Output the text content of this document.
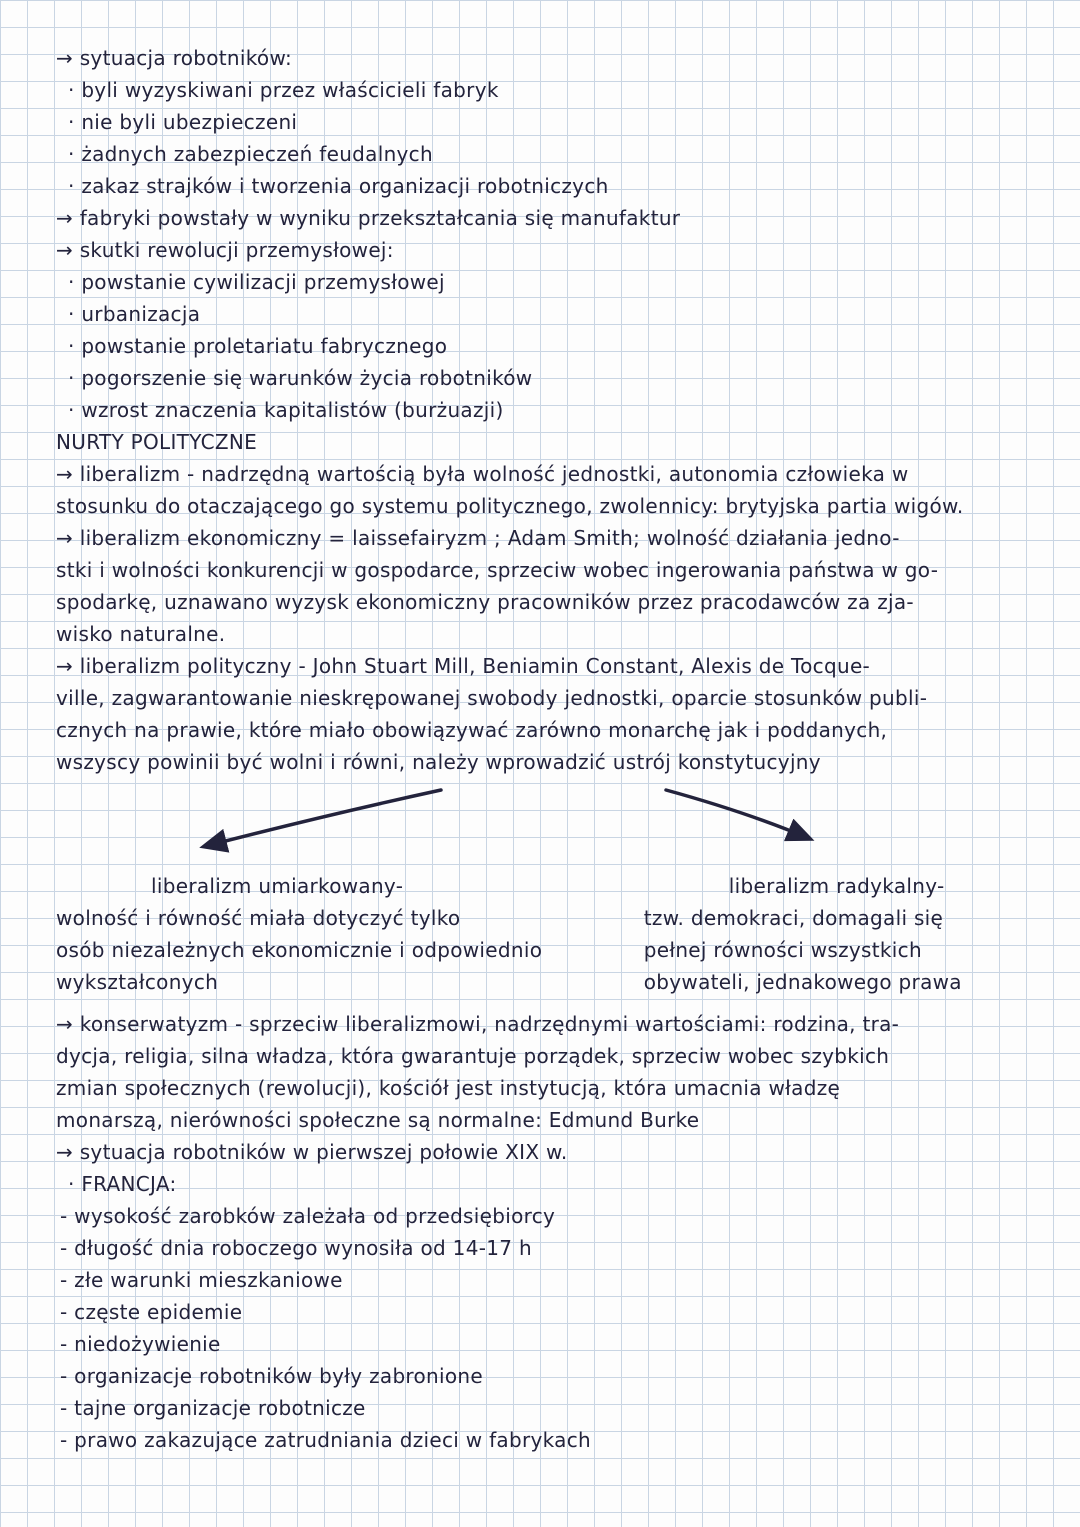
→ sytuacja robotników:
· byli wyzyskiwani przez właścicieli fabryk
· nie byli ubezpieczeni
· żadnych zabezpieczeń feudalnych
· zakaz strajków i tworzenia organizacji robotniczych
→ fabryki powstały w wyniku przekształcania się manufaktur
→ skutki rewolucji przemysłowej:
· powstanie cywilizacji przemysłowej
· urbanizacja
· powstanie proletariatu fabrycznego
· pogorszenie się warunków życia robotników
· wzrost znaczenia kapitalistów (burżuazji)
NURTY POLITYCZNE
→ liberalizm - nadrzędną wartością była wolność jednostki, autonomia człowieka w
stosunku do otaczającego go systemu politycznego, zwolennicy: brytyjska partia wigów.
→ liberalizm ekonomiczny = laissefairyzm ; Adam Smith; wolność działania jedno-
stki i wolności konkurencji w gospodarce, sprzeciw wobec ingerowania państwa w go-
spodarkę, uznawano wyzysk ekonomiczny pracowników przez pracodawców za zja-
wisko naturalne.
→ liberalizm polityczny - John Stuart Mill, Beniamin Constant, Alexis de Tocque-
ville, zagwarantowanie nieskrępowanej swobody jednostki, oparcie stosunków publi-
cznych na prawie, które miało obowiązywać zarówno monarchę jak i poddanych,
wszyscy powinii być wolni i równi, należy wprowadzić ustrój konstytucyjny
liberalizm umiarkowany-
wolność i równość miała dotyczyć tylko
osób niezależnych ekonomicznie i odpowiednio
wykształconych
liberalizm radykalny-
tzw. demokraci, domagali się
pełnej równości wszystkich
obywateli, jednakowego prawa
→ konserwatyzm - sprzeciw liberalizmowi, nadrzędnymi wartościami: rodzina, tra-
dycja, religia, silna władza, która gwarantuje porządek, sprzeciw wobec szybkich
zmian społecznych (rewolucji), kościół jest instytucją, która umacnia władzę
monarszą, nierówności społeczne są normalne: Edmund Burke
→ sytuacja robotników w pierwszej połowie XIX w.
· FRANCJA:
- wysokość zarobków zależała od przedsiębiorcy
- długość dnia roboczego wynosiła od 14-17 h
- złe warunki mieszkaniowe
- częste epidemie
- niedożywienie
- organizacje robotników były zabronione
- tajne organizacje robotnicze
- prawo zakazujące zatrudniania dzieci w fabrykach
